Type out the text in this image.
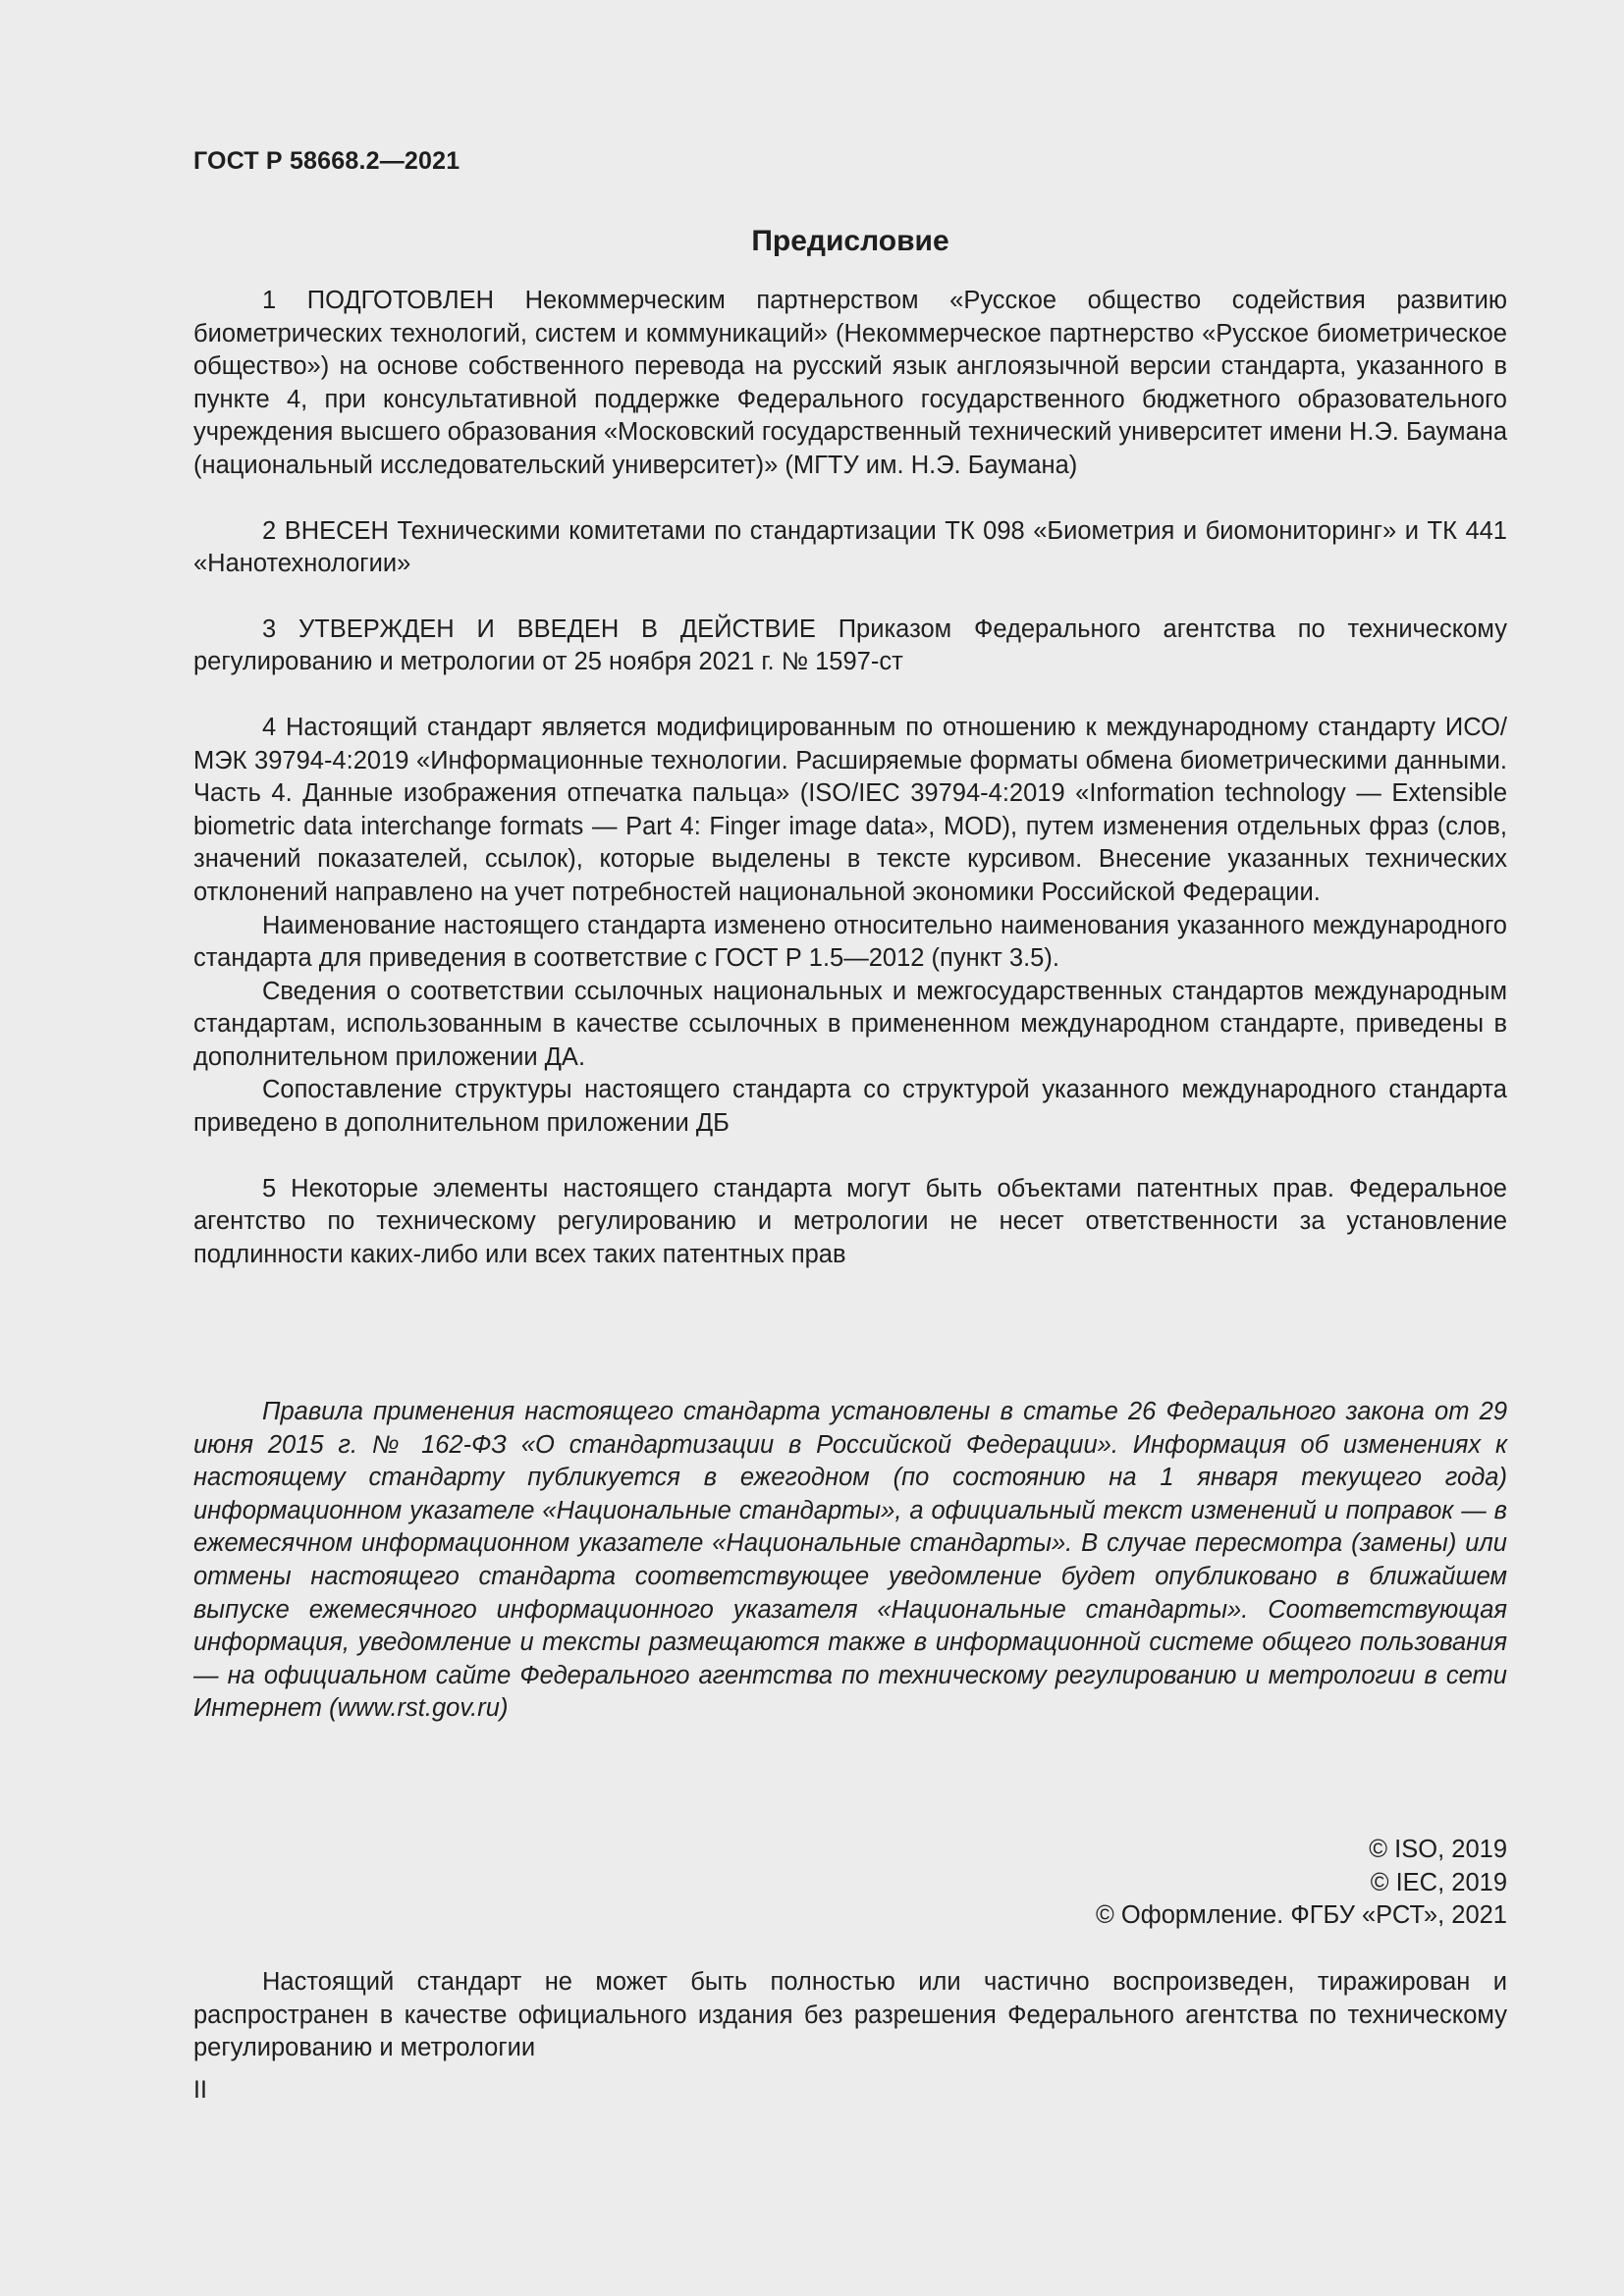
ГОСТ Р 58668.2—2021
Предисловие

1 ПОДГОТОВЛЕН Некоммерческим партнерством «Русское общество содействия развитию биометрических технологий, систем и коммуникаций» (Некоммерческое партнерство «Русское биометрическое общество») на основе собственного перевода на русский язык англоязычной версии стандарта, указанного в пункте 4, при консультативной поддержке Федерального государственного бюджетного образовательного учреждения высшего образования «Московский государственный технический университет имени Н.Э. Баумана (национальный исследовательский университет)» (МГТУ им. Н.Э. Баумана)

2 ВНЕСЕН Техническими комитетами по стандартизации ТК 098 «Биометрия и биомониторинг» и ТК 441 «Нанотехнологии»

3 УТВЕРЖДЕН И ВВЕДЕН В ДЕЙСТВИЕ Приказом Федерального агентства по техническому регулированию и метрологии от 25 ноября 2021 г. № 1597-ст

4 Настоящий стандарт является модифицированным по отношению к международному стандарту ИСО/МЭК 39794-4:2019 «Информационные технологии. Расширяемые форматы обмена биометрическими данными. Часть 4. Данные изображения отпечатка пальца» (ISO/IEC 39794-4:2019 «Information technology — Extensible biometric data interchange formats — Part 4: Finger image data», MOD), путем изменения отдельных фраз (слов, значений показателей, ссылок), которые выделены в тексте курсивом. Внесение указанных технических отклонений направлено на учет потребностей национальной экономики Российской Федерации.

Наименование настоящего стандарта изменено относительно наименования указанного международного стандарта для приведения в соответствие с ГОСТ Р 1.5—2012 (пункт 3.5).

Сведения о соответствии ссылочных национальных и межгосударственных стандартов международным стандартам, использованным в качестве ссылочных в примененном международном стандарте, приведены в дополнительном приложении ДА.

Сопоставление структуры настоящего стандарта со структурой указанного международного стандарта приведено в дополнительном приложении ДБ

5 Некоторые элементы настоящего стандарта могут быть объектами патентных прав. Федеральное агентство по техническому регулированию и метрологии не несет ответственности за установление подлинности каких-либо или всех таких патентных прав

Правила применения настоящего стандарта установлены в статье 26 Федерального закона от 29 июня 2015 г. № 162-ФЗ «О стандартизации в Российской Федерации». Информация об изменениях к настоящему стандарту публикуется в ежегодном (по состоянию на 1 января текущего года) информационном указателе «Национальные стандарты», а официальный текст изменений и поправок — в ежемесячном информационном указателе «Национальные стандарты». В случае пересмотра (замены) или отмены настоящего стандарта соответствующее уведомление будет опубликовано в ближайшем выпуске ежемесячного информационного указателя «Национальные стандарты». Соответствующая информация, уведомление и тексты размещаются также в информационной системе общего пользования — на официальном сайте Федерального агентства по техническому регулированию и метрологии в сети Интернет (www.rst.gov.ru)

© ISO, 2019
© IEC, 2019
© Оформление. ФГБУ «РСТ», 2021

Настоящий стандарт не может быть полностью или частично воспроизведен, тиражирован и распространен в качестве официального издания без разрешения Федерального агентства по техническому регулированию и метрологии

II
